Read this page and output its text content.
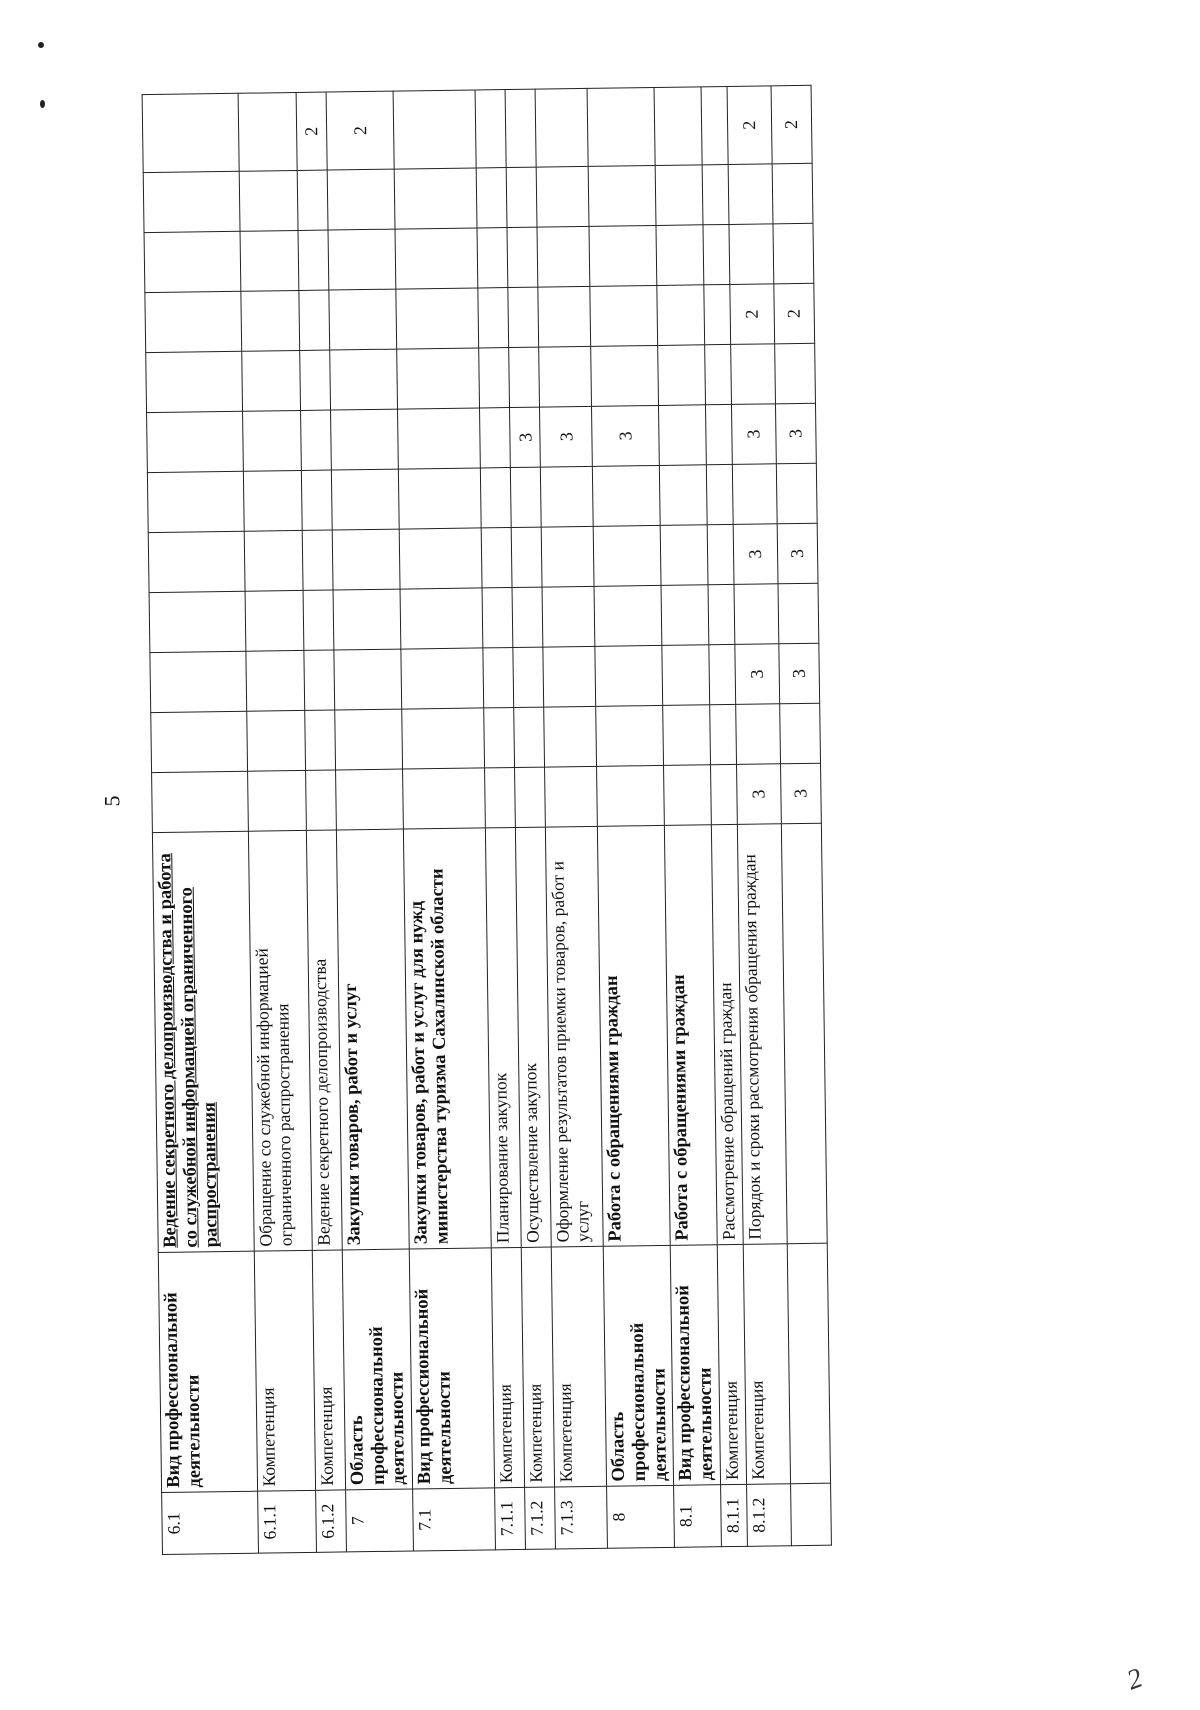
5
2
6.1	Вид профессиональной деятельности	Ведение секретного делопроизводства и работа со служебной информацией ограниченного распространения												
6.1.1	Компетенция	Обращение со служебной информацией ограниченного распространения												
6.1.2	Компетенция	Ведение секретного делопроизводства												2
7	Область профессиональной деятельности	Закупки товаров, работ и услуг												2
7.1	Вид профессиональной деятельности	Закупки товаров, работ и услуг для нужд министерства туризма Сахалинской области												
7.1.1	Компетенция	Планирование закупок												
7.1.2	Компетенция	Осуществление закупок							3					
7.1.3	Компетенция	Оформление результатов приемки товаров, работ и услуг							3					
8	Область профессиональной деятельности	Работа с обращениями граждан							3					
8.1	Вид профессиональной деятельности	Работа с обращениями граждан												
8.1.1	Компетенция	Рассмотрение обращений граждан												
8.1.2	Компетенция	Порядок и сроки рассмотрения обращения граждан	3		3		3		3		2			2
			3		3		3		3		2			2
